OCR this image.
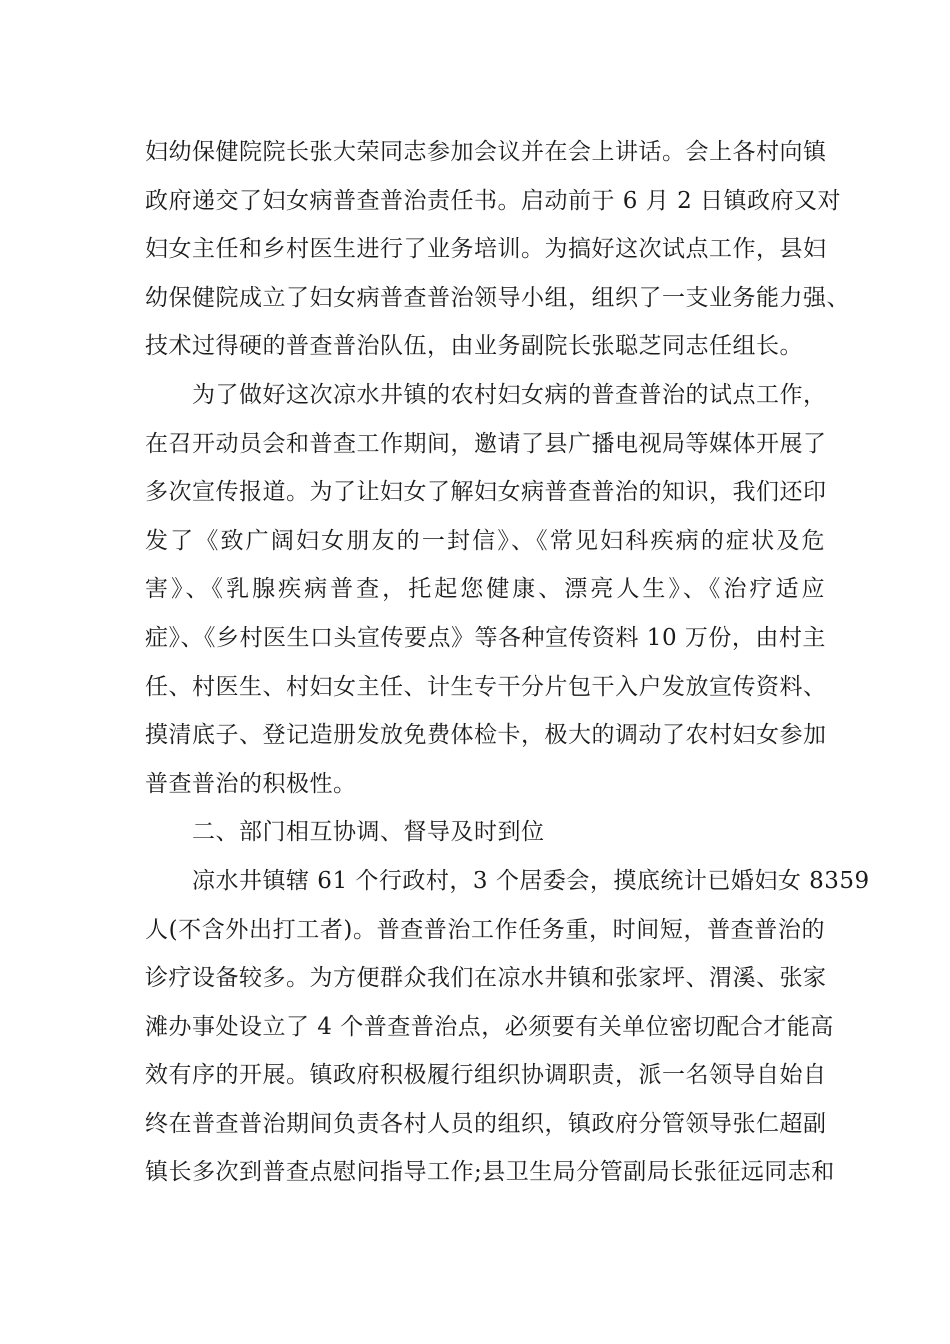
妇幼保健院院长张大荣同志参加会议并在会上讲话。会上各村向镇
政府递交了妇女病普查普治责任书。启动前于 6 月 2 日镇政府又对
妇女主任和乡村医生进行了业务培训。为搞好这次试点工作，县妇
幼保健院成立了妇女病普查普治领导小组，组织了一支业务能力强、
技术过得硬的普查普治队伍，由业务副院长张聪芝同志任组长。
为了做好这次凉水井镇的农村妇女病的普查普治的试点工作，
在召开动员会和普查工作期间，邀请了县广播电视局等媒体开展了
多次宣传报道。为了让妇女了解妇女病普查普治的知识，我们还印
发了《致广阔妇女朋友的一封信》、《常见妇科疾病的症状及危
害》、《乳腺疾病普查，托起您健康、漂亮人生》、《治疗适应
症》、《乡村医生口头宣传要点》等各种宣传资料 10 万份，由村主
任、村医生、村妇女主任、计生专干分片包干入户发放宣传资料、
摸清底子、登记造册发放免费体检卡，极大的调动了农村妇女参加
普查普治的积极性。
二、部门相互协调、督导及时到位
凉水井镇辖 61 个行政村，3 个居委会，摸底统计已婚妇女 8359
人(不含外出打工者)。普查普治工作任务重，时间短，普查普治的
诊疗设备较多。为方便群众我们在凉水井镇和张家坪、渭溪、张家
滩办事处设立了 4 个普查普治点，必须要有关单位密切配合才能高
效有序的开展。镇政府积极履行组织协调职责，派一名领导自始自
终在普查普治期间负责各村人员的组织，镇政府分管领导张仁超副
镇长多次到普查点慰问指导工作;县卫生局分管副局长张征远同志和
